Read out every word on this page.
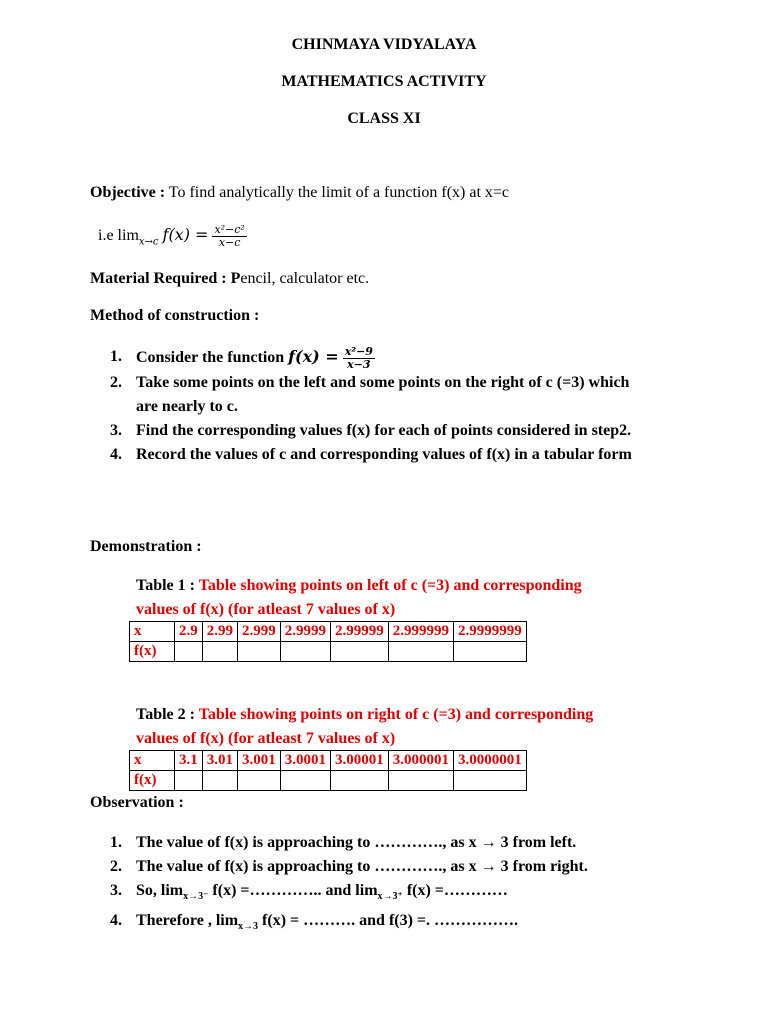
CHINMAYA VIDYALAYA
MATHEMATICS ACTIVITY
CLASS XI
Objective : To find analytically the limit of a function f(x) at x=c
i.e $\lim_{x\to c} f(x) = \frac{\text{x²−c²}}{x-c}$
Material Required : Pencil, calculator etc.
Method of construction :
1. Consider the function $f(x) = \frac{\text{x²−9}}{x-3}$
2. Take some points on the left and some points on the right of c (=3) which are nearly to c.
3. Find the corresponding values f(x) for each of points considered in step2.
4. Record the values of c and corresponding values of f(x) in a tabular form
Demonstration :
Table 1 : Table showing points on left of c (=3) and corresponding
values of f(x) (for atleast 7 values of x)
x	2.9	2.99	2.999	2.9999	2.99999	2.999999	2.9999999
f(x)							
Table 2 : Table showing points on right of c (=3) and corresponding
values of f(x) (for atleast 7 values of x)
x	3.1	3.01	3.001	3.0001	3.00001	3.000001	3.0000001
f(x)							
Observation :
1. The value of f(x) is approaching to …………., as x → 3 from left.
2. The value of f(x) is approaching to …………., as x → 3 from right.
3. So, $\lim_{x\to 3^-} f(x)$ =………….. and $\lim_{x\to 3^+} f(x)$ =…………
4. Therefore , $\lim_{x\to 3} f(x)$ = ………. and f(3) =. …………….
